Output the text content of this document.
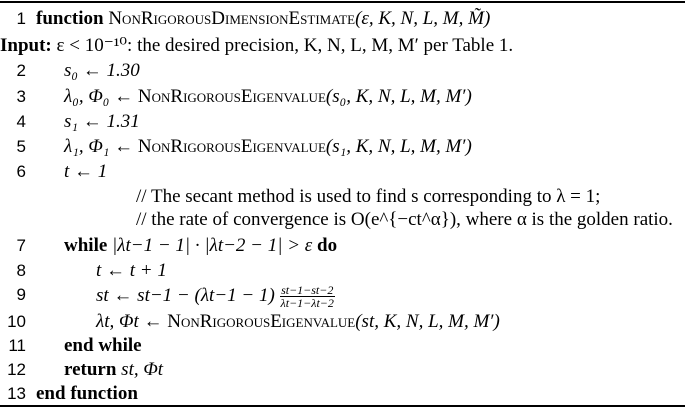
1 function NonRigorousDimensionEstimate(ε, K, N, L, M, M̃)
Input: ε < 10⁻¹⁰: the desired precision, K, N, L, M, M′ per Table 1.
2 s₀ ← 1.30
3 λ₀, Φ₀ ← NonRigorousEigenvalue(s₀, K, N, L, M, M′)
4 s₁ ← 1.31
5 λ₁, Φ₁ ← NonRigorousEigenvalue(s₁, K, N, L, M, M′)
6 t ← 1
// The secant method is used to find s corresponding to λ = 1;
// the rate of convergence is O(e^{−ct^α}), where α is the golden ratio.
7 while |λt−1 − 1| · |λt−2 − 1| > ε do
8	t ← t + 1
9	st ← $st-1 - (\lambda t-1 - 1) \frac{st-1-st-2}{\lambda t-1-\lambda t-2}$
10	λt, Φt ← NonRigorousEigenvalue(st, K, N, L, M, M′)
11 end while
12 return st, Φt
13 end function
